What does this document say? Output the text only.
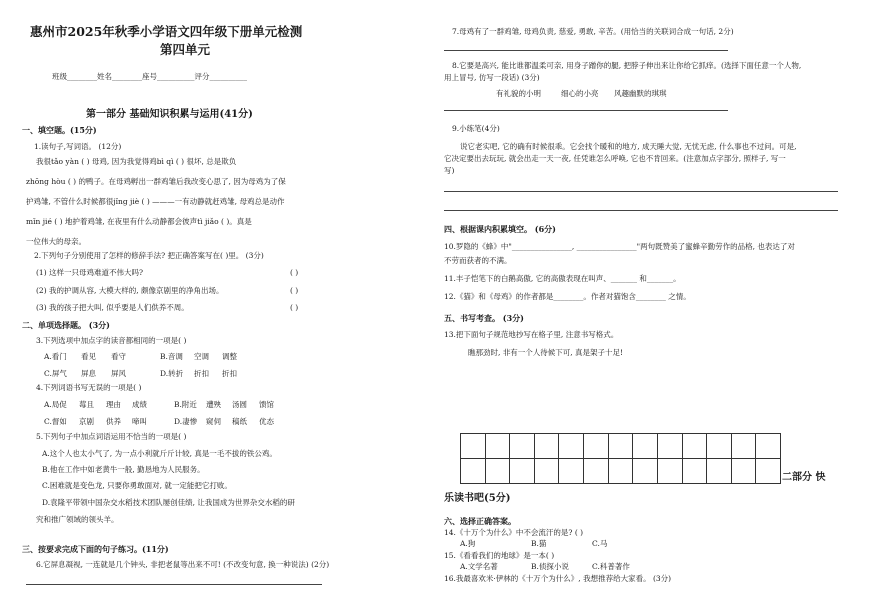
惠州市2025年秋季小学语文四年级下册单元检测
第四单元
班级________姓名________座号__________评分__________
第一部分 基础知识积累与运用(41分)
一、填空题。(15分)
1.读句子,写词语。 (12分)
我很tǎo yàn ( ) 母鸡, 因为我觉得鸡bì qì ( ) 很坏, 总是欺负
zhōng hòu ( ) 的鸭子。在母鸡孵出一群鸡雏后我改变心思了, 因为母鸡为了保
护鸡雏, 不管什么时候都很jǐng jiè ( ) ———一有动静就赶鸡雏, 母鸡总是动作
mǐn jié ( ) 地护着鸡雏, 在夜里有什么动静都会彼声tì jiǎo ( )。真是
一位伟大的母亲。
2.下列句子分别使用了怎样的修辞手法? 把正确答案写在( )里。 (3分)
(1) 这样一只母鸡难道不伟大吗?	( )
(2) 我的护调从容, 大模大样的, 颇像京剧里的净角出场。	( )
(3) 我的孩子把大叫, 似乎要是人们供养不周。	( )
二、单项选择题。 (3分)
3.下列选项中加点字的读音都相同的一项是( )
A.看门 看见 看守	B.音调 空调 调整
C.屏气 屏息 屏风	D.转折 折扣 折扣
4.下列词语书写无误的一项是( )
A.局促 莓且 理由 成绩	B.附近 遭殃 汤圆 馈馆
C.督如 京剧 供养 啼叫	D.凄惨 窥伺 稿纸 优态
5.下列句子中加点词语运用不恰当的一项是( )
A.这个人也太小气了, 为一点小利就斤斤计较, 真是一毛不拔的铁公鸡。
B.他在工作中如老黄牛一般, 勤恳地为人民服务。
C.困难就是变色龙, 只要你勇敢面对, 就一定能把它打败。
D.袁隆平带领中国杂交水稻技术团队屡创佳绩, 让我国成为世界杂交水稻的研
究和推广领域的领头羊。
三、按要求完成下面的句子练习。(11分)
6.它屏息凝视, 一连就是几个钟头, 非把老鼠等出来不可! (不改变句意, 换一种说法) (2分)
7.母鸡有了一群鸡雏, 母鸡负责, 慈爱, 勇敢, 辛苦。(用恰当的关联词合成一句话, 2分)
8.它要是高兴, 能比谁都温柔可亲, 用身子蹭你的腿, 把脖子伸出来让你给它抓痒。(选择下面任意一个人物,
用上冒号, 仿写一段话) (3分)
有礼貌的小明	细心的小亮 风趣幽默的琪琪
9.小练笔(4分)
说它老实吧, 它的确有时候很乖。它会找个暖和的地方, 成天睡大觉, 无忧无虑, 什么事也不过问。可是,
它决定要出去玩玩, 就会出走一天一夜, 任凭谁怎么呼唤, 它也不肯回来。(注意加点字部分, 照样子, 写一
写)
四、根据课内积累填空。 (6分)
10.罗隐的《蜂》中"________________, ________________"两句既赞美了蜜蜂辛勤劳作的品格, 也表达了对
不劳而获者的不满。
11.丰子恺笔下的白鹅高傲, 它的高傲表现在叫声、_______ 和_______。
12.《猫》和《母鸡》的作者都是________。作者对猫饱含________ 之情。
五、书写考查。 (3分)
13.把下面句子规范地抄写在格子里, 注意书写格式。
瞧那劲时, 非有一个人待候下可, 真是架子十足!
二部分 快
乐读书吧(5分)
六、选择正确答案。
14.《十万个为什么》中不会流汗的是? ( )
A.狗	B.猫	C.马
15.《看看我们的地球》是一本( )
A.文学名著	B.侦探小说	C.科普著作
16.我最喜欢米·伊林的《十万个为什么》, 我想推荐给大家看。 (3分)
